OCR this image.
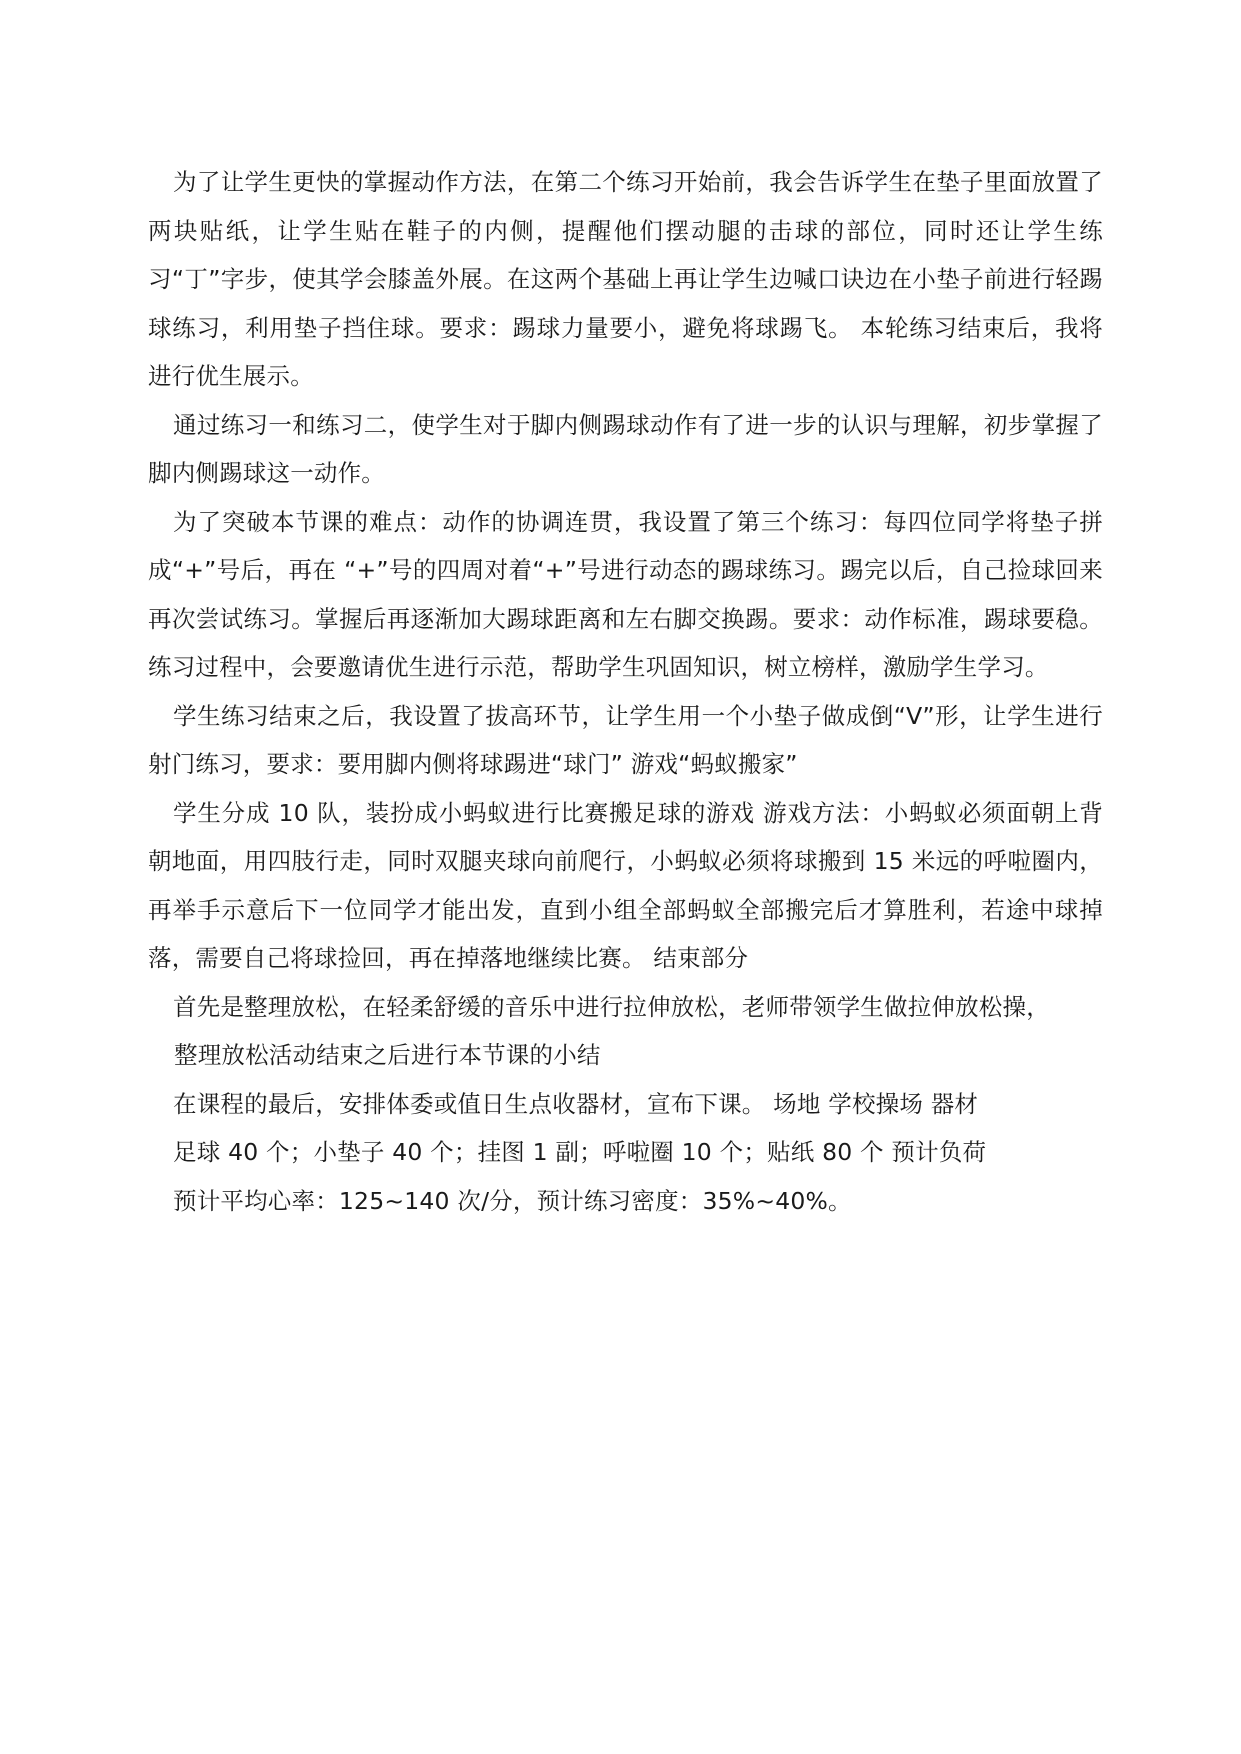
为了让学生更快的掌握动作方法，在第二个练习开始前，我会告诉学生在垫子里面放置了两块贴纸，让学生贴在鞋子的内侧，提醒他们摆动腿的击球的部位，同时还让学生练习“丁”字步，使其学会膝盖外展。在这两个基础上再让学生边喊口诀边在小垫子前进行轻踢球练习，利用垫子挡住球。要求：踢球力量要小，避免将球踢飞。 本轮练习结束后，我将进行优生展示。

通过练习一和练习二，使学生对于脚内侧踢球动作有了进一步的认识与理解，初步掌握了脚内侧踢球这一动作。

为了突破本节课的难点：动作的协调连贯，我设置了第三个练习：每四位同学将垫子拼成“+”号后，再在 “+”号的四周对着“+”号进行动态的踢球练习。踢完以后，自己捡球回来再次尝试练习。掌握后再逐渐加大踢球距离和左右脚交换踢。要求：动作标准，踢球要稳。 练习过程中，会要邀请优生进行示范，帮助学生巩固知识，树立榜样，激励学生学习。

学生练习结束之后，我设置了拔高环节，让学生用一个小垫子做成倒“V”形，让学生进行射门练习，要求：要用脚内侧将球踢进“球门” 游戏“蚂蚁搬家”

学生分成 10 队，装扮成小蚂蚁进行比赛搬足球的游戏 游戏方法：小蚂蚁必须面朝上背朝地面，用四肢行走，同时双腿夹球向前爬行，小蚂蚁必须将球搬到 15 米远的呼啦圈内，再举手示意后下一位同学才能出发，直到小组全部蚂蚁全部搬完后才算胜利，若途中球掉落，需要自己将球捡回，再在掉落地继续比赛。 结束部分

首先是整理放松，在轻柔舒缓的音乐中进行拉伸放松，老师带领学生做拉伸放松操，

整理放松活动结束之后进行本节课的小结

在课程的最后，安排体委或值日生点收器材，宣布下课。 场地 学校操场 器材

足球 40 个；小垫子 40 个；挂图 1 副；呼啦圈 10 个；贴纸 80 个 预计负荷

预计平均心率：125~140 次/分，预计练习密度：35%~40%。
